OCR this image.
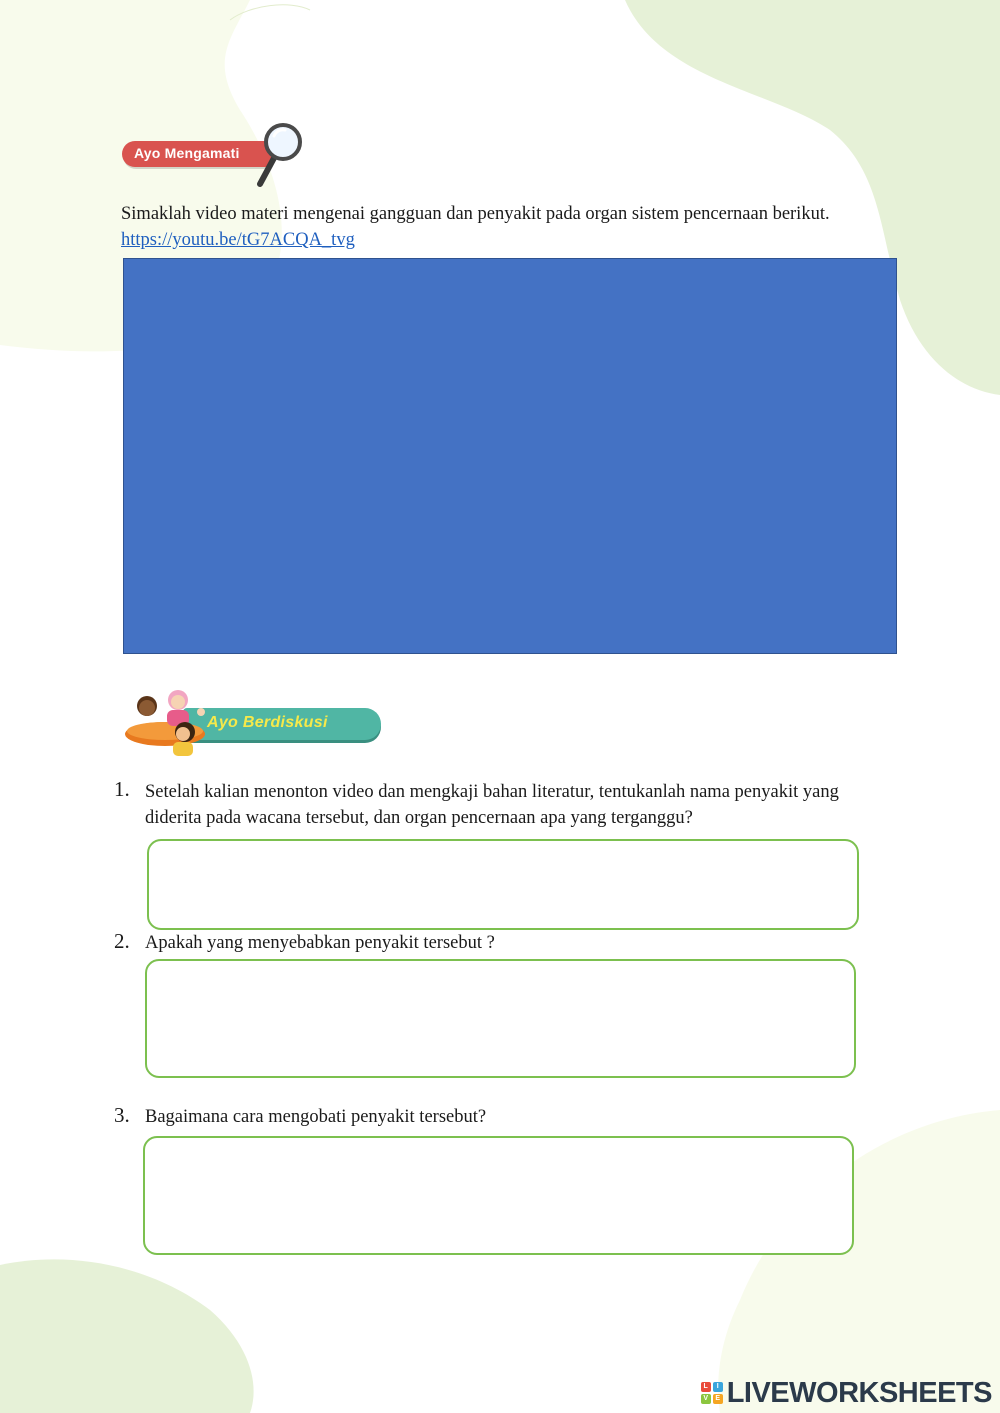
Ayo Mengamati
Simaklah video materi mengenai gangguan dan penyakit pada organ sistem pencernaan berikut. https://youtu.be/tG7ACQA_tvg
Ayo Berdiskusi
1. Setelah kalian menonton video dan mengkaji bahan literatur, tentukanlah nama penyakit yang diderita pada wacana tersebut, dan organ pencernaan apa yang terganggu?
2. Apakah yang menyebabkan penyakit tersebut ?
3. Bagaimana cara mengobati penyakit tersebut?
L	I
V	E LIVEWORKSHEETS
